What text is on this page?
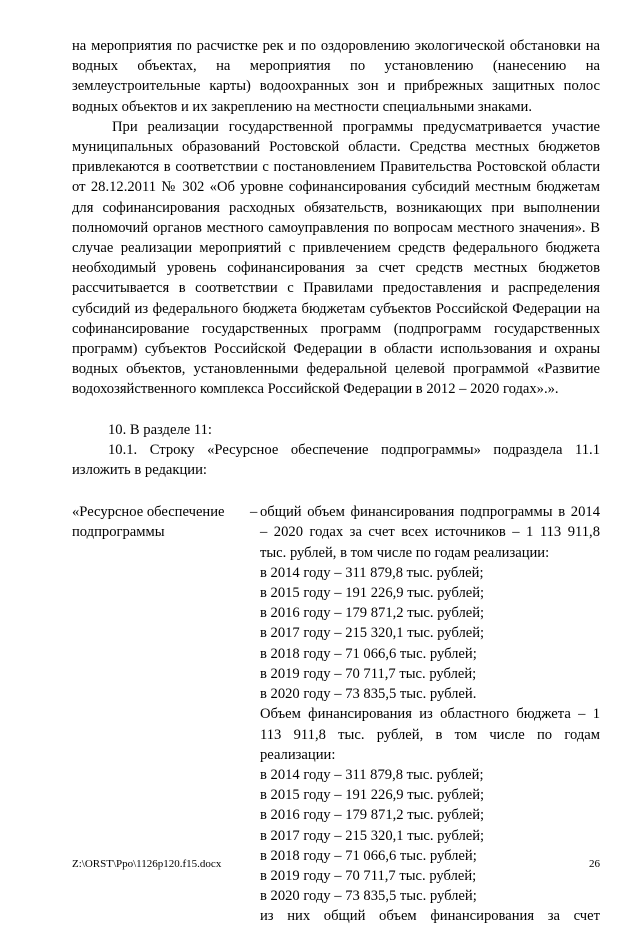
на мероприятия по расчистке рек и по оздоровлению экологической обстановки на водных объектах, на мероприятия по установлению (нанесению на землеустроительные карты) водоохранных зон и прибрежных защитных полос водных объектов и их закреплению на местности специальными знаками.

При реализации государственной программы предусматривается участие муниципальных образований Ростовской области. Средства местных бюджетов привлекаются в соответствии с постановлением Правительства Ростовской области от 28.12.2011 № 302 «Об уровне софинансирования субсидий местным бюджетам для софинансирования расходных обязательств, возникающих при выполнении полномочий органов местного самоуправления по вопросам местного значения». В случае реализации мероприятий с привлечением средств федерального бюджета необходимый уровень софинансирования за счет средств местных бюджетов рассчитывается в соответствии с Правилами предоставления и распределения субсидий из федерального бюджета бюджетам субъектов Российской Федерации на софинансирование государственных программ (подпрограмм государственных программ) субъектов Российской Федерации в области использования и охраны водных объектов, установленными федеральной целевой программой «Развитие водохозяйственного комплекса Российской Федерации в 2012 – 2020 годах».».

10. В разделе 11:

10.1. Строку «Ресурсное обеспечение подпрограммы» подраздела 11.1 изложить в редакции:

«Ресурсное обеспечение подпрограммы
– общий объем финансирования подпрограммы в 2014 – 2020 годах за счет всех источников – 1 113 911,8 тыс. рублей, в том числе по годам реализации:

в 2014 году – 311 879,8 тыс. рублей;

в 2015 году – 191 226,9 тыс. рублей;

в 2016 году – 179 871,2 тыс. рублей;

в 2017 году – 215 320,1 тыс. рублей;

в 2018 году – 71 066,6 тыс. рублей;

в 2019 году – 70 711,7 тыс. рублей;

в 2020 году – 73 835,5 тыс. рублей.

Объем финансирования из областного бюджета – 1 113 911,8 тыс. рублей, в том числе по годам реализации:

в 2014 году – 311 879,8 тыс. рублей;

в 2015 году – 191 226,9 тыс. рублей;

в 2016 году – 179 871,2 тыс. рублей;

в 2017 году – 215 320,1 тыс. рублей;

в 2018 году – 71 066,6 тыс. рублей;

в 2019 году – 70 711,7 тыс. рублей;

в 2020 году – 73 835,5 тыс. рублей;

из них общий объем финансирования за счет

Z:\ORST\Ppo\1126p120.f15.docx	26
